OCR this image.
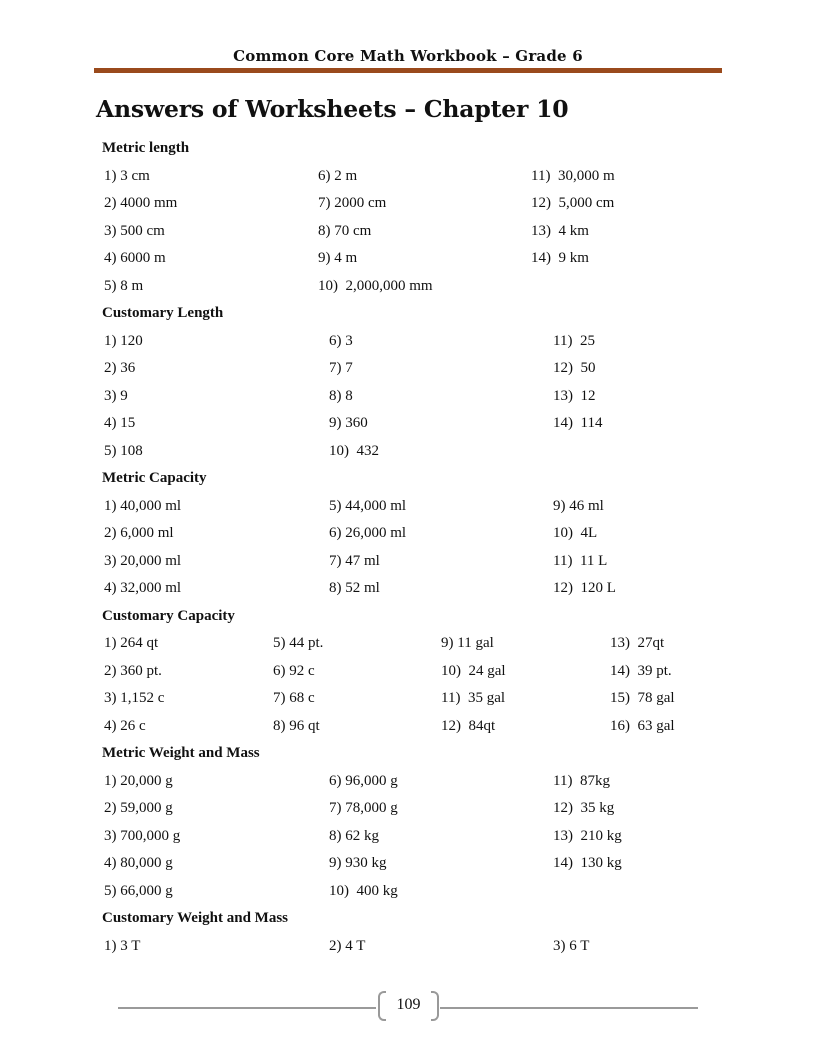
Common Core Math Workbook – Grade 6
Answers of Worksheets – Chapter 10
Metric length
1) 3 cm	6) 2 m	11)  30,000 m
2) 4000 mm	7) 2000 cm	12)  5,000 cm
3) 500 cm	8) 70 cm	13)  4 km
4) 6000 m	9) 4 m	14)  9 km
5) 8 m	10)  2,000,000 mm
Customary Length
1) 120	6) 3	11)  25
2) 36	7) 7	12)  50
3) 9	8) 8	13)  12
4) 15	9) 360	14)  114
5) 108	10)  432
Metric Capacity
1) 40,000 ml	5) 44,000 ml	9) 46 ml
2) 6,000 ml	6) 26,000 ml	10)  4L
3) 20,000 ml	7) 47 ml	11)  11 L
4) 32,000 ml	8) 52 ml	12)  120 L
Customary Capacity
1) 264 qt	5) 44 pt.	9) 11 gal	13)  27qt
2) 360 pt.	6) 92 c	10)  24 gal	14)  39 pt.
3) 1,152 c	7) 68 c	11)  35 gal	15)  78 gal
4) 26 c	8) 96 qt	12)  84qt	16)  63 gal
Metric Weight and Mass
1) 20,000 g	6) 96,000 g	11)  87kg
2) 59,000 g	7) 78,000 g	12)  35 kg
3) 700,000 g	8) 62 kg	13)  210 kg
4) 80,000 g	9) 930 kg	14)  130 kg
5) 66,000 g	10)  400 kg
Customary Weight and Mass
1) 3 T	2) 4 T	3) 6 T
109
